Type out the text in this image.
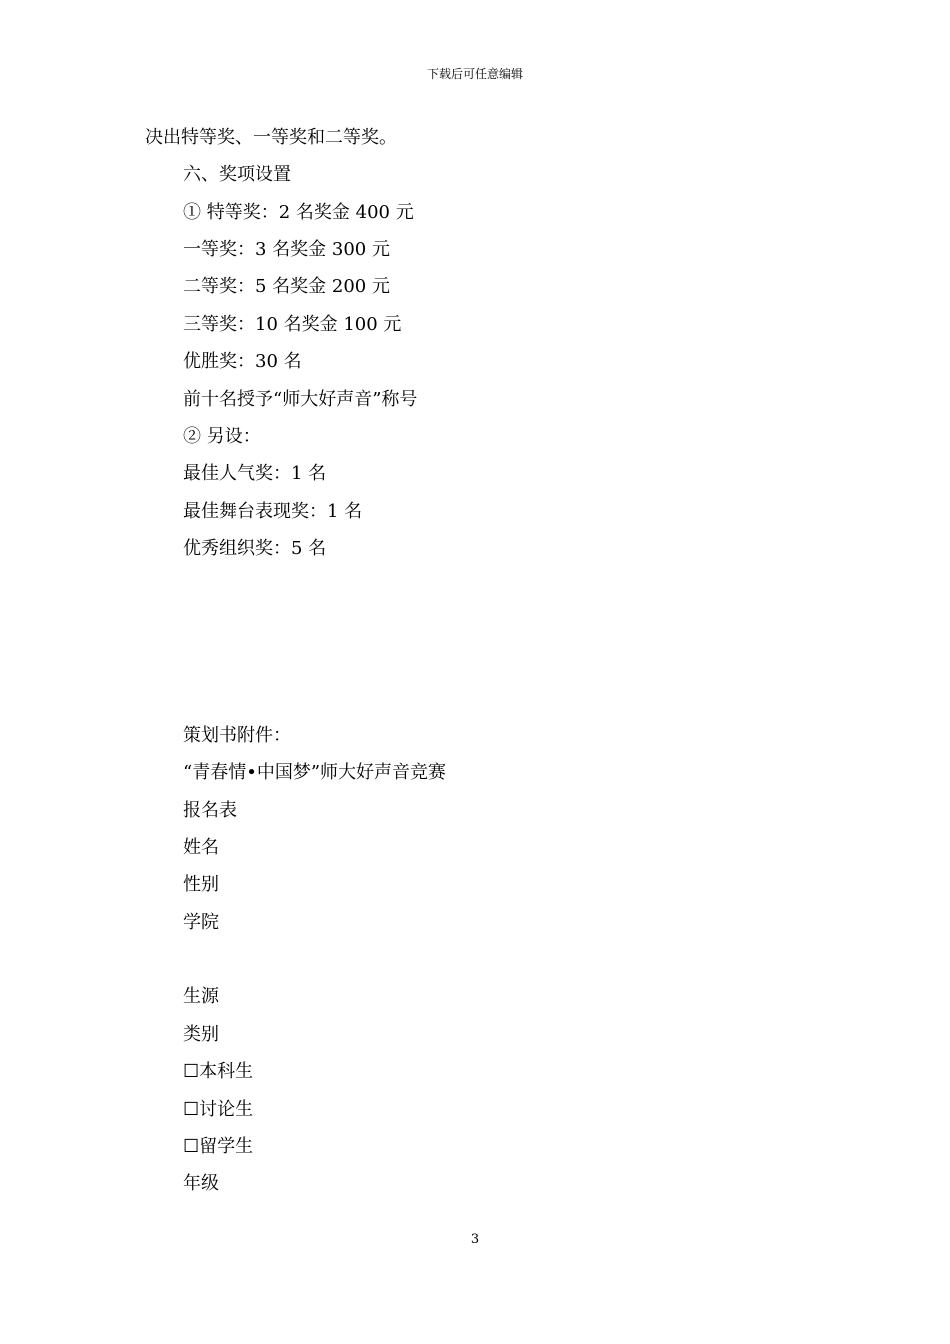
下载后可任意编辑
决出特等奖、一等奖和二等奖。
六、奖项设置
① 特等奖：2 名奖金 400 元
一等奖：3 名奖金 300 元
二等奖：5 名奖金 200 元
三等奖：10 名奖金 100 元
优胜奖：30 名
前十名授予“师大好声音”称号
② 另设：
最佳人气奖：1 名
最佳舞台表现奖：1 名
优秀组织奖：5 名
策划书附件：
“青春情•中国梦”师大好声音竞赛
报名表
姓名
性别
学院
生源
类别
☐本科生
☐讨论生
☐留学生
年级
3
